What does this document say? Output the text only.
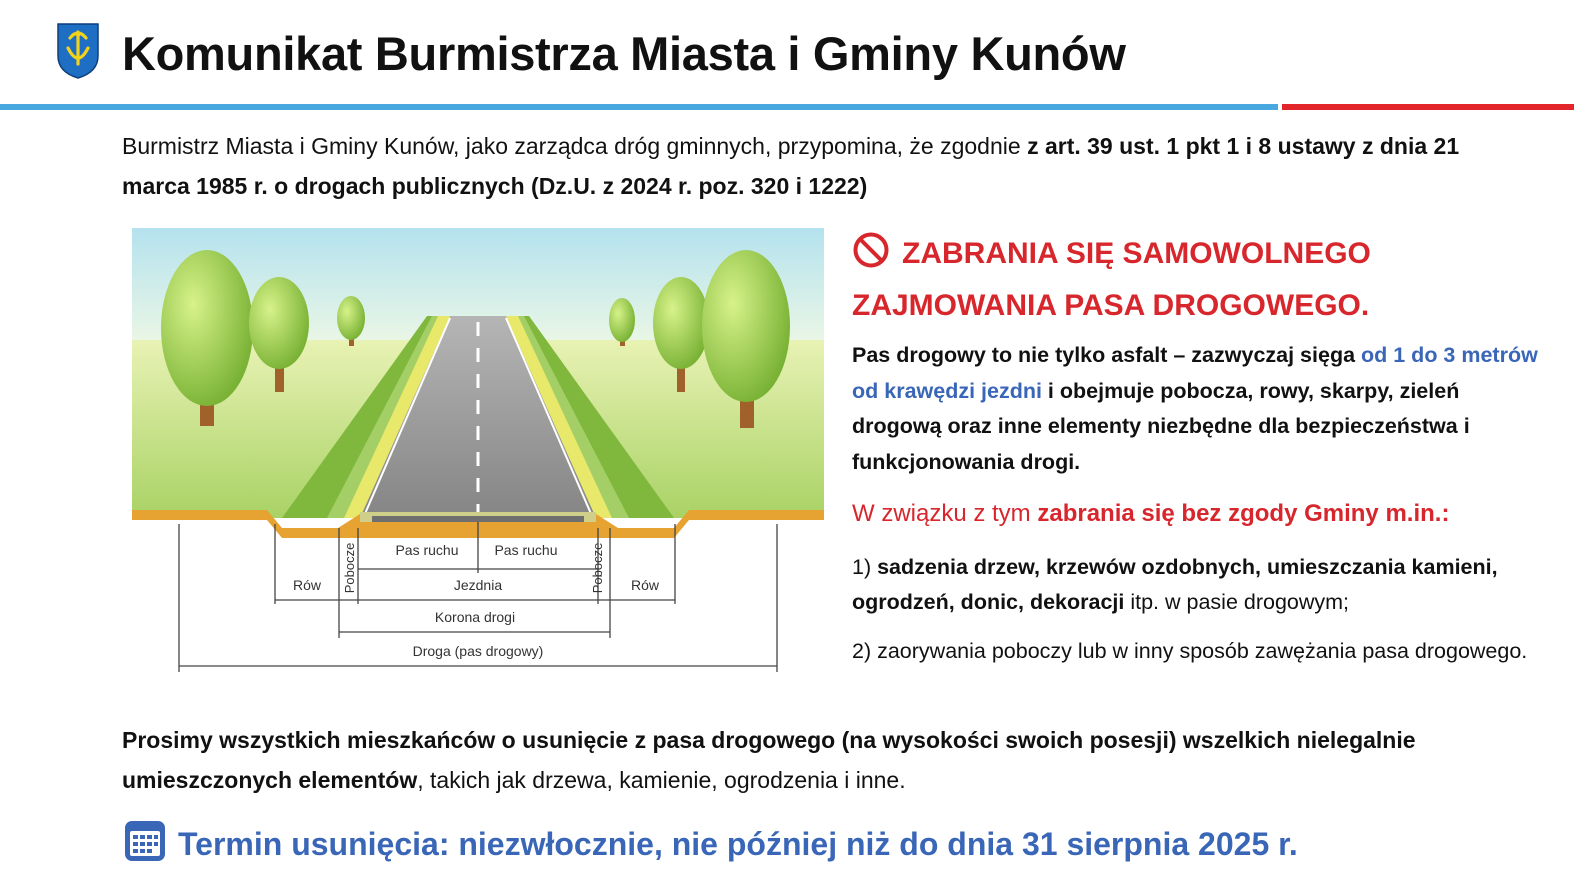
Komunikat Burmistrza Miasta i Gminy Kunów
Burmistrz Miasta i Gminy Kunów, jako zarządca dróg gminnych, przypomina, że zgodnie z art. 39 ust. 1 pkt 1 i 8 ustawy z dnia 21 marca 1985 r. o drogach publicznych (Dz.U. z 2024 r. poz. 320 i 1222)
Rów	Rów
Pobocze	Pobocze
Pas ruchu	Pas ruchu
Jezdnia
Korona drogi
Droga (pas drogowy)
ZABRANIA SIĘ SAMOWOLNEGO
ZAJMOWANIA PASA DROGOWEGO.
Pas drogowy to nie tylko asfalt – zazwyczaj sięga od 1 do 3 metrów od krawędzi jezdni i obejmuje pobocza, rowy, skarpy, zieleń drogową oraz inne elementy niezbędne dla bezpieczeństwa i funkcjonowania drogi.
W związku z tym zabrania się bez zgody Gminy m.in.:
1) sadzenia drzew, krzewów ozdobnych, umieszczania kamieni, ogrodzeń, donic, dekoracji itp. w pasie drogowym;
2) zaorywania poboczy lub w inny sposób zawężania pasa drogowego.
Prosimy wszystkich mieszkańców o usunięcie z pasa drogowego (na wysokości swoich posesji) wszelkich nielegalnie umieszczonych elementów, takich jak drzewa, kamienie, ogrodzenia i inne.
Termin usunięcia: niezwłocznie, nie później niż do dnia 31 sierpnia 2025 r.
